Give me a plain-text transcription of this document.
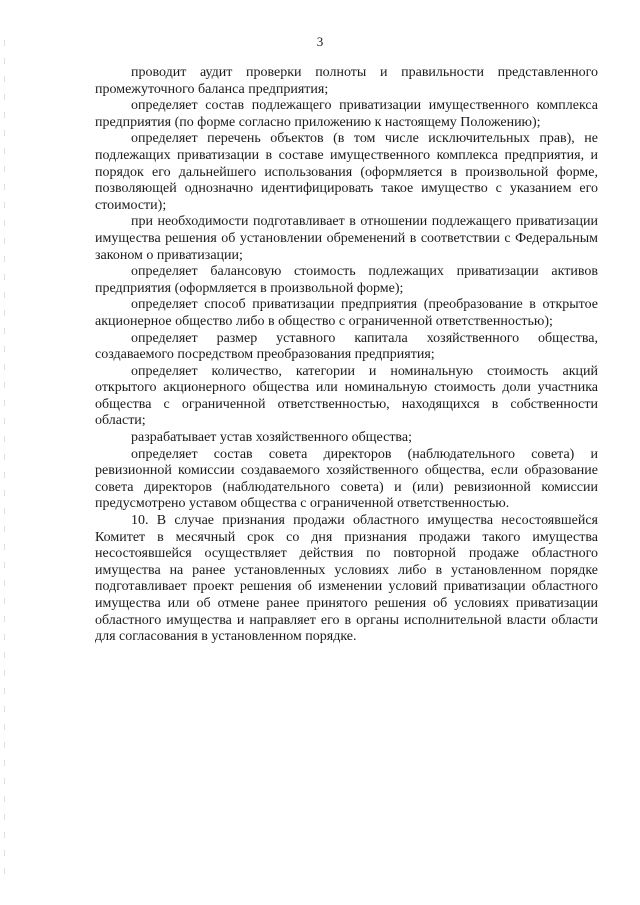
3

проводит аудит проверки полноты и правильности представленного промежуточного баланса предприятия;

определяет состав подлежащего приватизации имущественного комплекса предприятия (по форме согласно приложению к настоящему Положению);

определяет перечень объектов (в том числе исключительных прав), не подлежащих приватизации в составе имущественного комплекса предприятия, и порядок его дальнейшего использования (оформляется в произвольной форме, позволяющей однозначно идентифицировать такое имущество с указанием его стоимости);

при необходимости подготавливает в отношении подлежащего приватизации имущества решения об установлении обременений в соответствии с Федеральным законом о приватизации;

определяет балансовую стоимость подлежащих приватизации активов предприятия (оформляется в произвольной форме);

определяет способ приватизации предприятия (преобразование в открытое акционерное общество либо в общество с ограниченной ответственностью);

определяет размер уставного капитала хозяйственного общества, создаваемого посредством преобразования предприятия;

определяет количество, категории и номинальную стоимость акций открытого акционерного общества или номинальную стоимость доли участника общества с ограниченной ответственностью, находящихся в собственности области;

разрабатывает устав хозяйственного общества;

определяет состав совета директоров (наблюдательного совета) и ревизионной комиссии создаваемого хозяйственного общества, если образование совета директоров (наблюдательного совета) и (или) ревизионной комиссии предусмотрено уставом общества с ограниченной ответственностью.

10. В случае признания продажи областного имущества несостоявшейся Комитет в месячный срок со дня признания продажи такого имущества несостоявшейся осуществляет действия по повторной продаже областного имущества на ранее установленных условиях либо в установленном порядке подготавливает проект решения об изменении условий приватизации областного имущества или об отмене ранее принятого решения об условиях приватизации областного имущества и направляет его в органы исполнительной власти области для согласования в установленном порядке.
